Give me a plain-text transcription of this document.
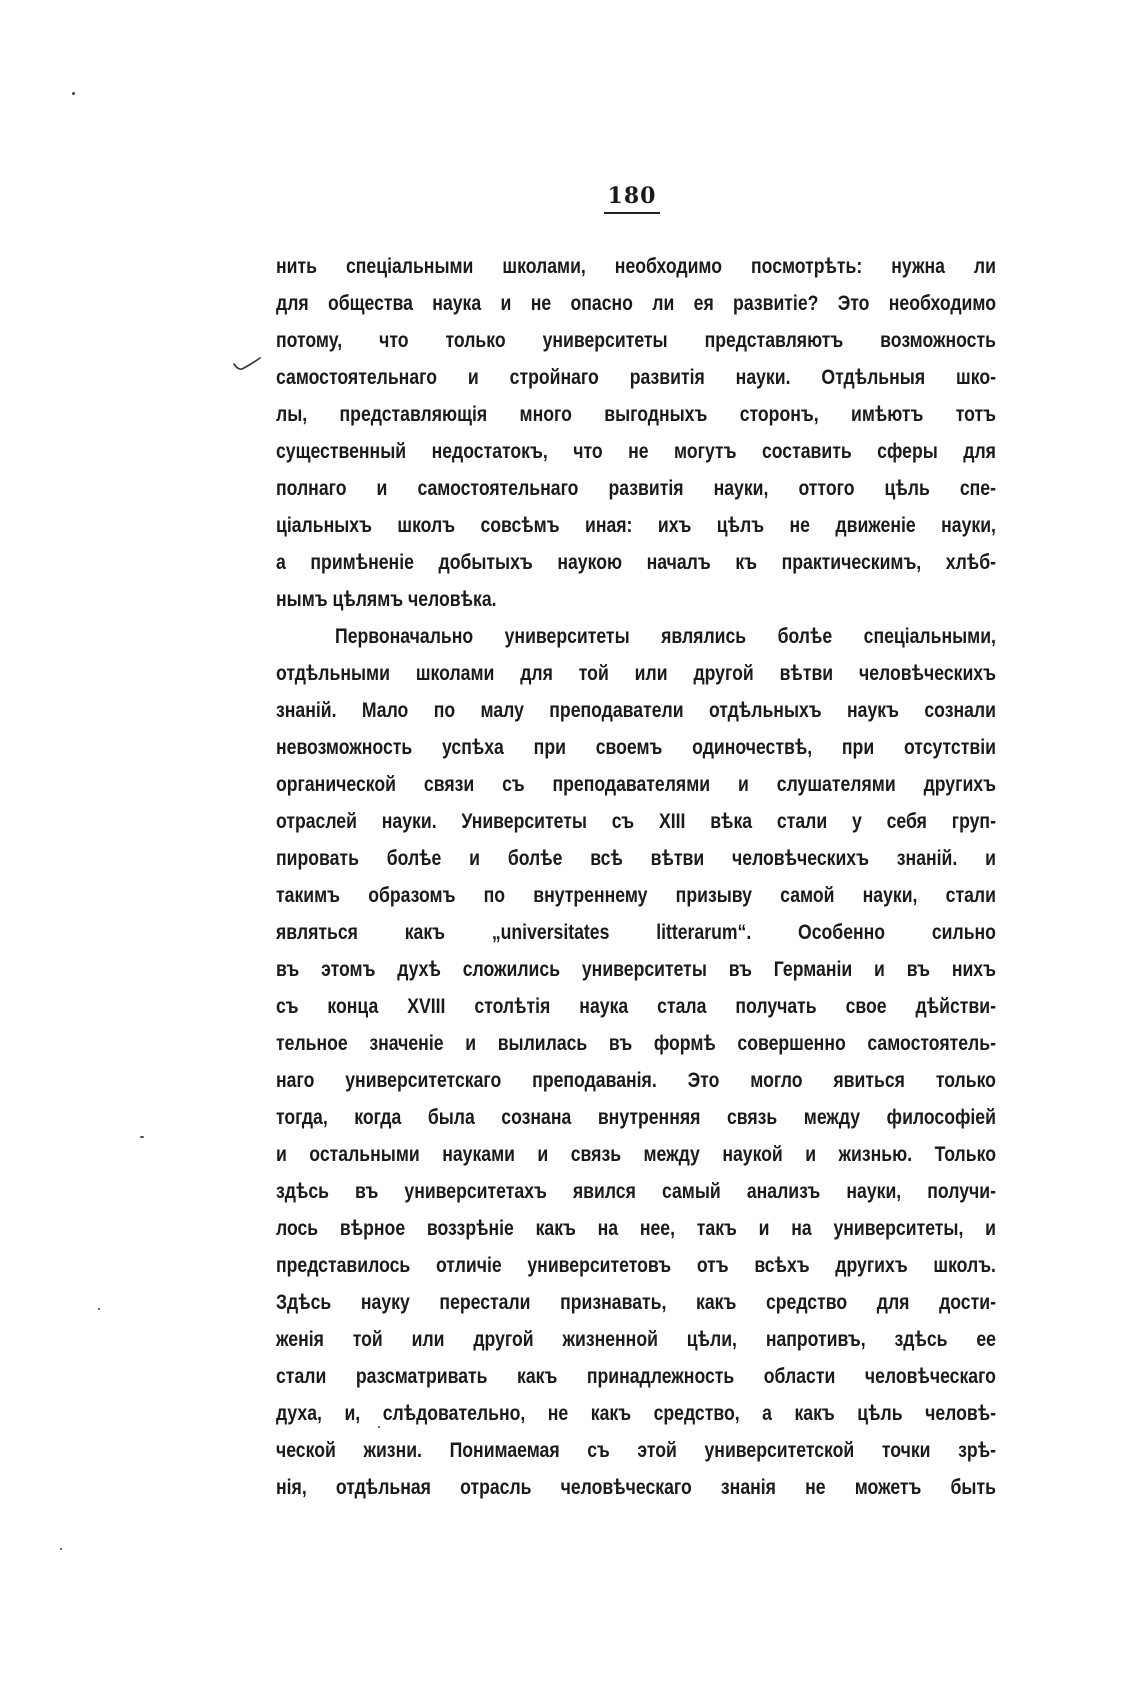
180
нить спеціальными школами, необходимо посмотрѣть: нужна ли
для общества наука и не опасно ли ея развитіе? Это необходимо
потому, что только университеты представляютъ возможность
самостоятельнаго и стройнаго развитія науки. Отдѣльныя шко-
лы, представляющія много выгодныхъ сторонъ, имѣютъ тотъ
существенный недостатокъ, что не могутъ составить сферы для
полнаго и самостоятельнаго развитія науки, оттого цѣль спе-
ціальныхъ школъ совсѣмъ иная: ихъ цѣлъ не движеніе науки,
а примѣненіе добытыхъ наукою началъ къ практическимъ, хлѣб-
нымъ цѣлямъ человѣка.
Первоначально университеты являлись болѣе спеціальными,
отдѣльными школами для той или другой вѣтви человѣческихъ
знаній. Мало по малу преподаватели отдѣльныхъ наукъ сознали
невозможность успѣха при своемъ одиночествѣ, при отсутствіи
органической связи съ преподавателями и слушателями другихъ
отраслей науки. Университеты съ XIII вѣка стали у себя груп-
пировать болѣе и болѣе всѣ вѣтви человѣческихъ знаній. и
такимъ образомъ по внутреннему призыву самой науки, стали
являться какъ „universitates litterarum“. Особенно сильно
въ этомъ духѣ сложились университеты въ Германіи и въ нихъ
съ конца XVIII столѣтія наука стала получать свое дѣйстви-
тельное значеніе и вылилась въ формѣ совершенно самостоятель-
наго университетскаго преподаванія. Это могло явиться только
тогда, когда была сознана внутренняя связь между философіей
и остальными науками и связь между наукой и жизнью. Только
здѣсь въ университетахъ явился самый анализъ науки, получи-
лось вѣрное воззрѣніе какъ на нее, такъ и на университеты, и
представилось отличіе университетовъ отъ всѣхъ другихъ школъ.
Здѣсь науку перестали признавать, какъ средство для дости-
женія той или другой жизненной цѣли, напротивъ, здѣсь ее
стали разсматривать какъ принадлежность области человѣческаго
духа, и, слѣдовательно, не какъ средство, а какъ цѣль человѣ-
ческой жизни. Понимаемая съ этой университетской точки зрѣ-
нія, отдѣльная отрасль человѣческаго знанія не можетъ быть
